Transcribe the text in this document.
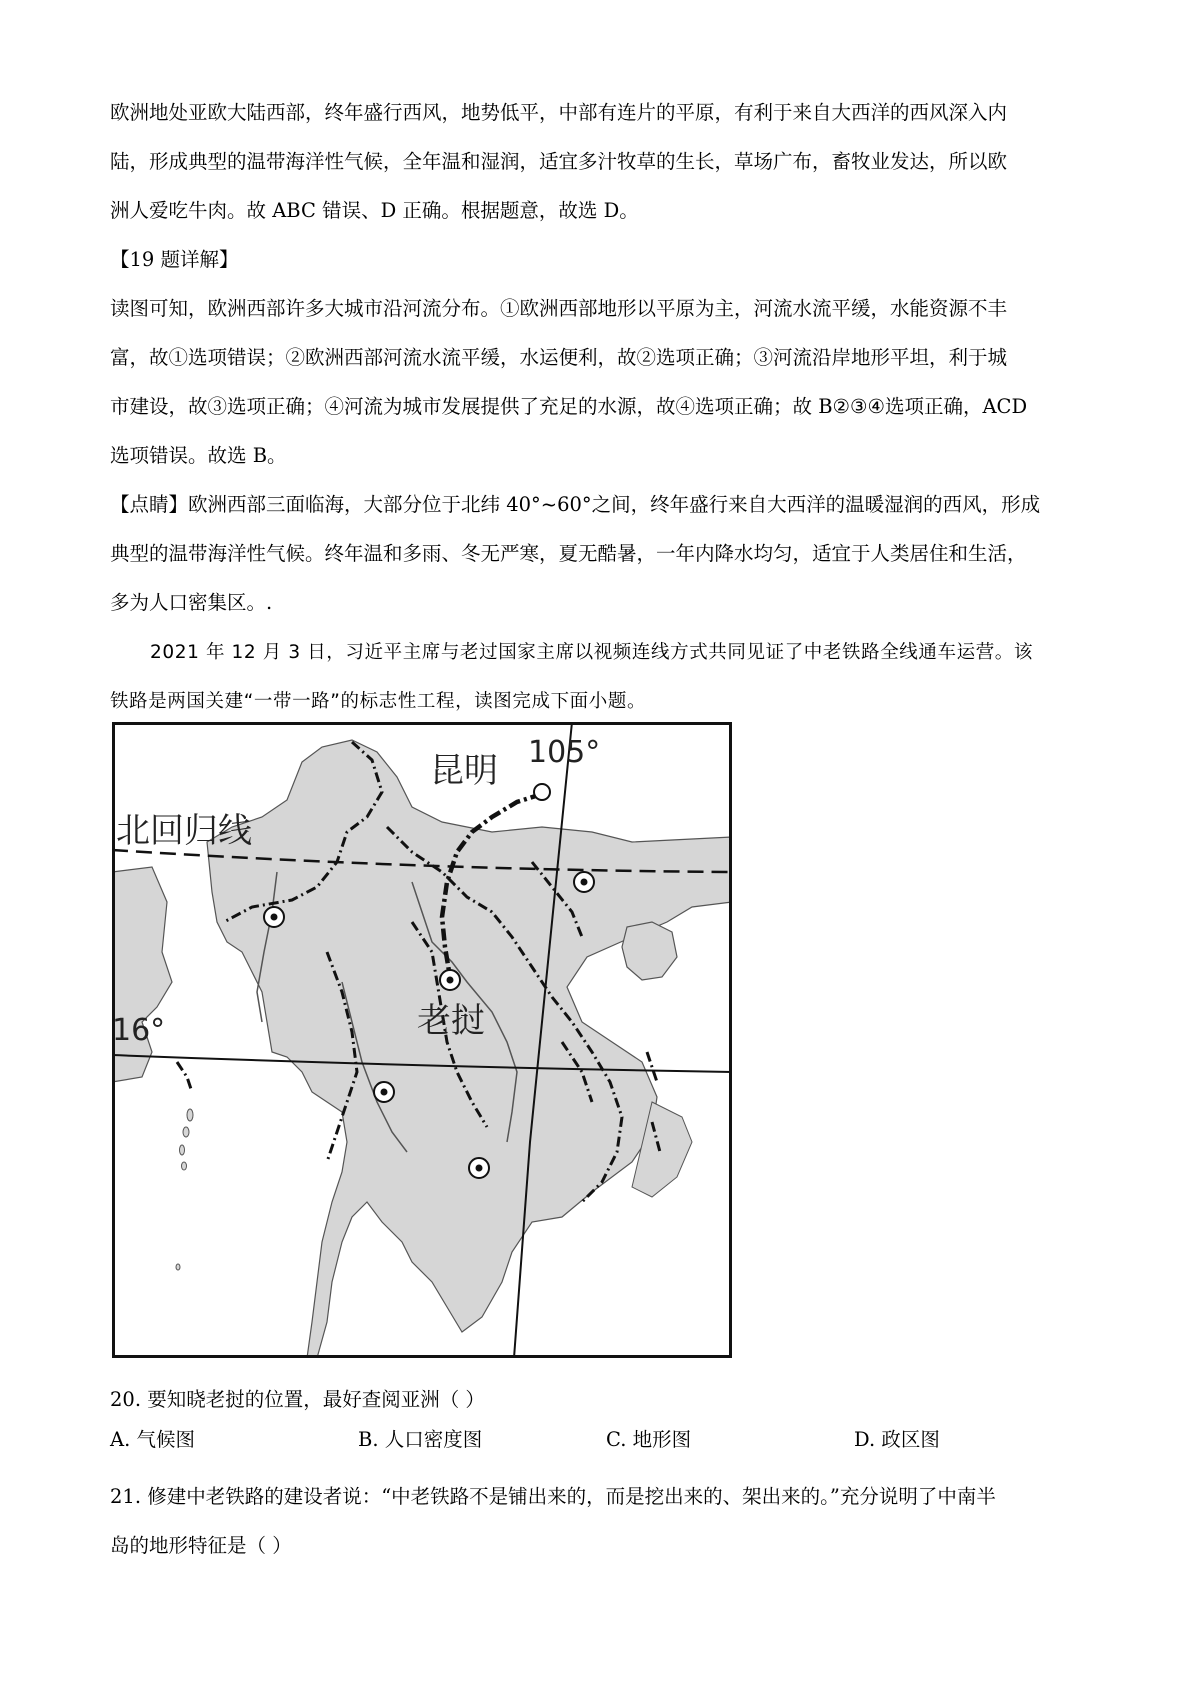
欧洲地处亚欧大陆西部，终年盛行西风，地势低平，中部有连片的平原，有利于来自大西洋的西风深入内
陆，形成典型的温带海洋性气候，全年温和湿润，适宜多汁牧草的生长，草场广布，畜牧业发达，所以欧
洲人爱吃牛肉。故 ABC 错误、D 正确。根据题意，故选 D。
【19 题详解】
读图可知，欧洲西部许多大城市沿河流分布。①欧洲西部地形以平原为主，河流水流平缓，水能资源不丰
富，故①选项错误；②欧洲西部河流水流平缓，水运便利，故②选项正确；③河流沿岸地形平坦，利于城
市建设，故③选项正确；④河流为城市发展提供了充足的水源，故④选项正确；故 B②③④选项正确，ACD
选项错误。故选 B。
【点睛】欧洲西部三面临海，大部分位于北纬 40°~60°之间，终年盛行来自大西洋的温暖湿润的西风，形成
典型的温带海洋性气候。终年温和多雨、冬无严寒，夏无酷暑，一年内降水均匀，适宜于人类居住和生活，
多为人口密集区。.
2021 年 12 月 3 日，习近平主席与老过国家主席以视频连线方式共同见证了中老铁路全线通车运营。该
铁路是两国关建“一带一路”的标志性工程，读图完成下面小题。
北回归线
105°
16°
昆明
老挝
20. 要知晓老挝的位置，最好查阅亚洲（ ）
A. 气候图	B. 人口密度图	C. 地形图	D. 政区图
21. 修建中老铁路的建设者说：“中老铁路不是铺出来的，而是挖出来的、架出来的。”充分说明了中南半
岛的地形特征是（ ）
